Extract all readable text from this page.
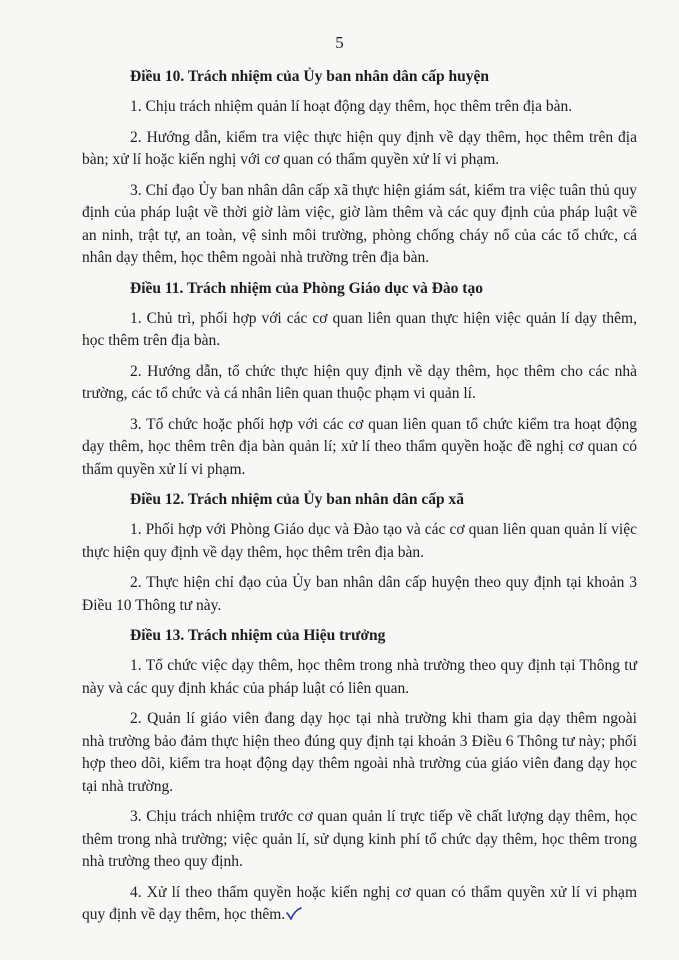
5
Điều 10. Trách nhiệm của Ủy ban nhân dân cấp huyện

1. Chịu trách nhiệm quản lí hoạt động dạy thêm, học thêm trên địa bàn.

2. Hướng dẫn, kiểm tra việc thực hiện quy định về dạy thêm, học thêm trên địa bàn; xử lí hoặc kiến nghị với cơ quan có thẩm quyền xử lí vi phạm.

3. Chỉ đạo Ủy ban nhân dân cấp xã thực hiện giám sát, kiểm tra việc tuân thủ quy định của pháp luật về thời giờ làm việc, giờ làm thêm và các quy định của pháp luật về an ninh, trật tự, an toàn, vệ sinh môi trường, phòng chống cháy nổ của các tổ chức, cá nhân dạy thêm, học thêm ngoài nhà trường trên địa bàn.

Điều 11. Trách nhiệm của Phòng Giáo dục và Đào tạo

1. Chủ trì, phối hợp với các cơ quan liên quan thực hiện việc quản lí dạy thêm, học thêm trên địa bàn.

2. Hướng dẫn, tổ chức thực hiện quy định về dạy thêm, học thêm cho các nhà trường, các tổ chức và cá nhân liên quan thuộc phạm vi quản lí.

3. Tổ chức hoặc phối hợp với các cơ quan liên quan tổ chức kiểm tra hoạt động dạy thêm, học thêm trên địa bàn quản lí; xử lí theo thẩm quyền hoặc đề nghị cơ quan có thẩm quyền xử lí vi phạm.

Điều 12. Trách nhiệm của Ủy ban nhân dân cấp xã

1. Phối hợp với Phòng Giáo dục và Đào tạo và các cơ quan liên quan quản lí việc thực hiện quy định về dạy thêm, học thêm trên địa bàn.

2. Thực hiện chỉ đạo của Ủy ban nhân dân cấp huyện theo quy định tại khoản 3 Điều 10 Thông tư này.

Điều 13. Trách nhiệm của Hiệu trưởng

1. Tổ chức việc dạy thêm, học thêm trong nhà trường theo quy định tại Thông tư này và các quy định khác của pháp luật có liên quan.

2. Quản lí giáo viên đang dạy học tại nhà trường khi tham gia dạy thêm ngoài nhà trường bảo đảm thực hiện theo đúng quy định tại khoản 3 Điều 6 Thông tư này; phối hợp theo dõi, kiểm tra hoạt động dạy thêm ngoài nhà trường của giáo viên đang dạy học tại nhà trường.

3. Chịu trách nhiệm trước cơ quan quản lí trực tiếp về chất lượng dạy thêm, học thêm trong nhà trường; việc quản lí, sử dụng kinh phí tổ chức dạy thêm, học thêm trong nhà trường theo quy định.

4. Xử lí theo thẩm quyền hoặc kiến nghị cơ quan có thẩm quyền xử lí vi phạm quy định về dạy thêm, học thêm.
